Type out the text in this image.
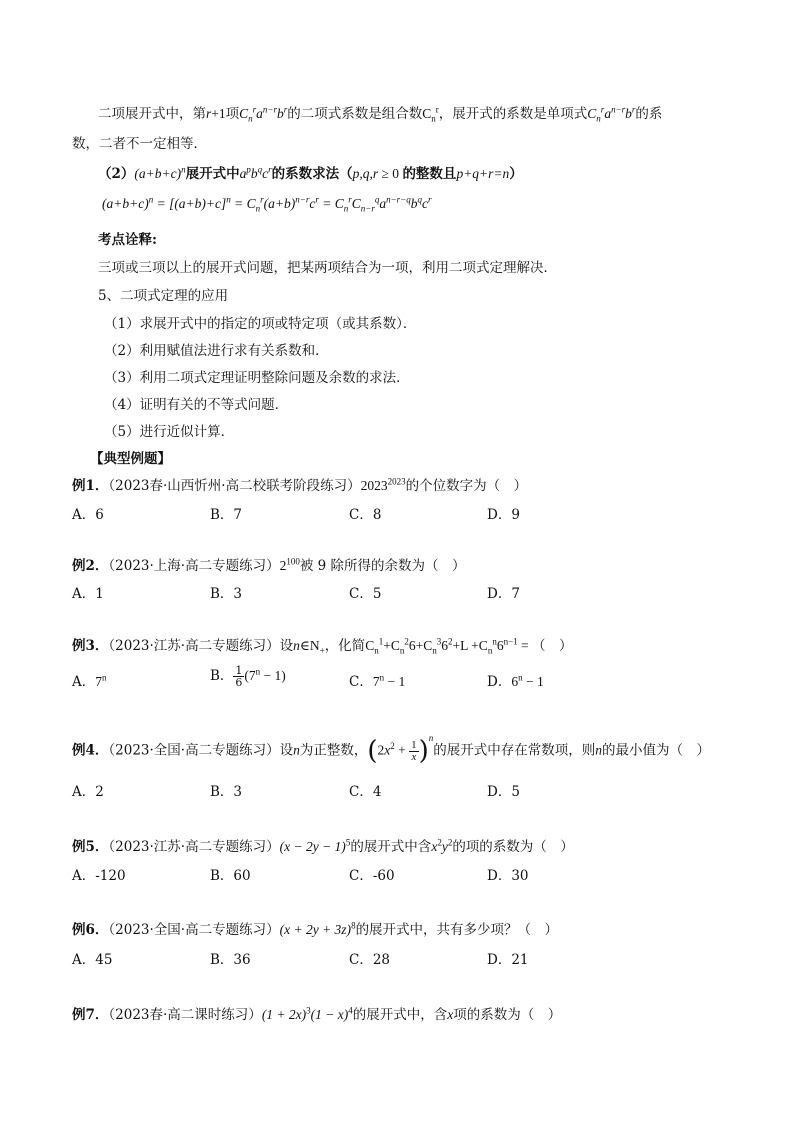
二项展开式中，第r+1项$C_n^ra^{n-r}b^r$的二项式系数是组合数$C_n^r$，展开式的系数是单项式$C_n^ra^{n-r}b^r$的系
数，二者不一定相等．
$(2)(a+b+c)^n$展开式中$a^pb^qc^r$的系数求法（p,q,r ≥ 0 的整数且p+q+r=n）
$(a+b+c)^n = [(a+b)+c]^n = C_n^r(a+b)^{n-r}c^r = C_n^rC_{n-r}^qa^{n-r-q}b^qc^r$
考点诠释:
三项或三项以上的展开式问题，把某两项结合为一项，利用二项式定理解决．
5、二项式定理的应用
（1）求展开式中的指定的项或特定项（或其系数）．
（2）利用赋值法进行求有关系数和．
（3）利用二项式定理证明整除问题及余数的求法．
（4）证明有关的不等式问题．
（5）进行近似计算．
【典型例题】
例1．（2023春·山西忻州·高二校联考阶段练习）$2023^{2023}$的个位数字为（　）
A．6	B．7	C．8	D．9
例2．（2023·上海·高二专题练习）$2^{100}$被 9 除所得的余数为（　）
A．1	B．3	C．5	D．7
例3．（2023·江苏·高二专题练习）设$n\in N_+$，化简$C_n^1+C_n^26+C_n^36^2+L +C_n^n6^{n-1}$ = （　）
A．7$^n$	B． $\frac{1}{6} (7^n - 1)$	C．$7^n - 1$	D．$6^n - 1$
例4．（2023·全国·高二专题练习）设n为正整数，$(2x^2 + \frac{1}{x} )^n$的展开式中存在常数项，则n的最小值为（　）
A．2	B．3	C．4	D．5
例5．（2023·江苏·高二专题练习）$(x - 2y - 1)^5$的展开式中含$x^2y^2$的项的系数为（　）
A．-120	B．60	C．-60	D．30
例6．（2023·全国·高二专题练习）$(x + 2y + 3z)^8$的展开式中，共有多少项？（　）
A．45	B．36	C．28	D．21
例7．（2023春·高二课时练习）$(1 + 2x)^3(1 - x)^4$的展开式中，含x项的系数为（　）
